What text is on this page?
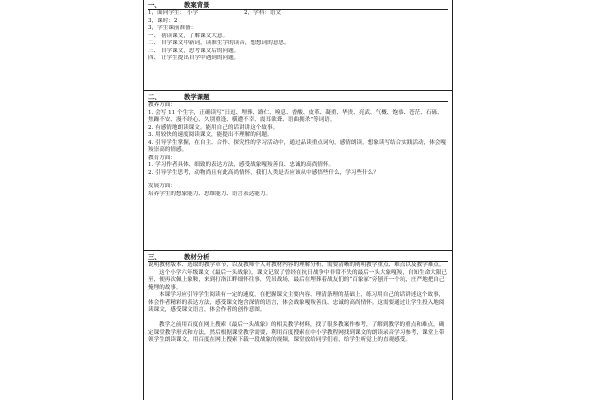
一、	教案背景
1，面向学生： 小学	2，学科：语文
3，课时：2
3，学生课前准备：
一、 初读课文，了解课文大意。
二、 自学课文中新词，读准生字的读音，想想词的意思。
三、 自学课文，思考课文后的问题。
四、 让学生提出自学中遇到的问题。
二、	教学课题
教养方面：
1. 会写 11 个生字，正确读写“日逗、埋葬、路仁、嗅息、香酸、皮革、凝重、华贵、亮武、气概、饱恭、苍茫、石砾、焦躁不安、漫不经心、久别重逢、横遭不幸、震耳欲聋、语曲拥杀”等词语。
2. 有感情地朗读课文。能用自己的话讲讲这个故事。
3. 用较快的速度阅读课文，能提出不理解的问题。
4. 引导学生掌握，在自主、合作、探究性的学习活动中，通过品读重点词句，感情朗读，想象读写结合实践活动，体会嘎羧崇高的情感。
教育方面：
1. 学习作者具体、细致的表达方法，感受战象嘎羧善良、忠诚的高尚情怀。
2. 引导学生思考，动物尚且有此高尚情怀，我们人类是否应该从中感悟些什么，学习些什么？
发展方面：
培养学生的想象能力、思维能力、语言表达能力。
三、	教材分析
说明教材版本、选取的教学章节，以及教师个人对教材内容的理解分析，需要清晰的阐明教学重点、难点以及教学难点。
这个小学六年级课文《最后一头战象》。课文记叙了曾经在抗日战争中非常不失的最后一头大象嘎羧，自知生命大限已至，便再次佩上象鞍，来到打洛江畔细怀往事，凭吊战场，最后在埋葬着战友们的“百象冢”旁刨开一个坑，庄严地把自己掩埋的故事。
本课学习应引导学生阅读有一定的速度，在把握课文主要内容、理清条理的基础上，练习用自己的话讲述这个故事，体会作者精彩的表达方法，感受课文饱含深情的语言，体会战象嘎羧善良、忠诚的高尚情怀。这需要通过让学生投入地阅读课文，感受课文语言，体会作者的创作意图。
教学之前用百度在网上搜索《最后一头战象》的相关教学材料，找了很多教案作参考，了解到教学的重点和难点，确定课堂教学形式和方法，然后根据课堂教学需要，利用百度搜索在中小学教程网找到课文的朗读录音学习参考，课堂上带领学生朗读课文，用百度在网上搜索下载一段战象的视频，课堂放给同学们看，给学生听觉上的直观感受。
